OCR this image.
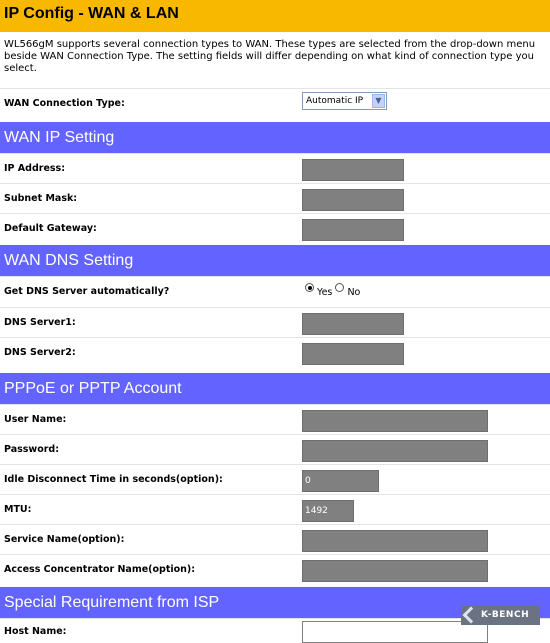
IP Config - WAN & LAN
WL566gM supports several connection types to WAN. These types are selected from the drop-down menu beside WAN Connection Type. The setting fields will differ depending on what kind of connection type you select.
WAN Connection Type:	Automatic IP	▼
WAN IP Setting
IP Address:
Subnet Mask:
Default Gateway:
WAN DNS Setting
Get DNS Server automatically?	Yes No
DNS Server1:
DNS Server2:
PPPoE or PPTP Account
User Name:
Password:
Idle Disconnect Time in seconds(option):	0
MTU:	1492
Service Name(option):
Access Concentrator Name(option):
Special Requirement from ISP
Host Name:
K-BENCH
